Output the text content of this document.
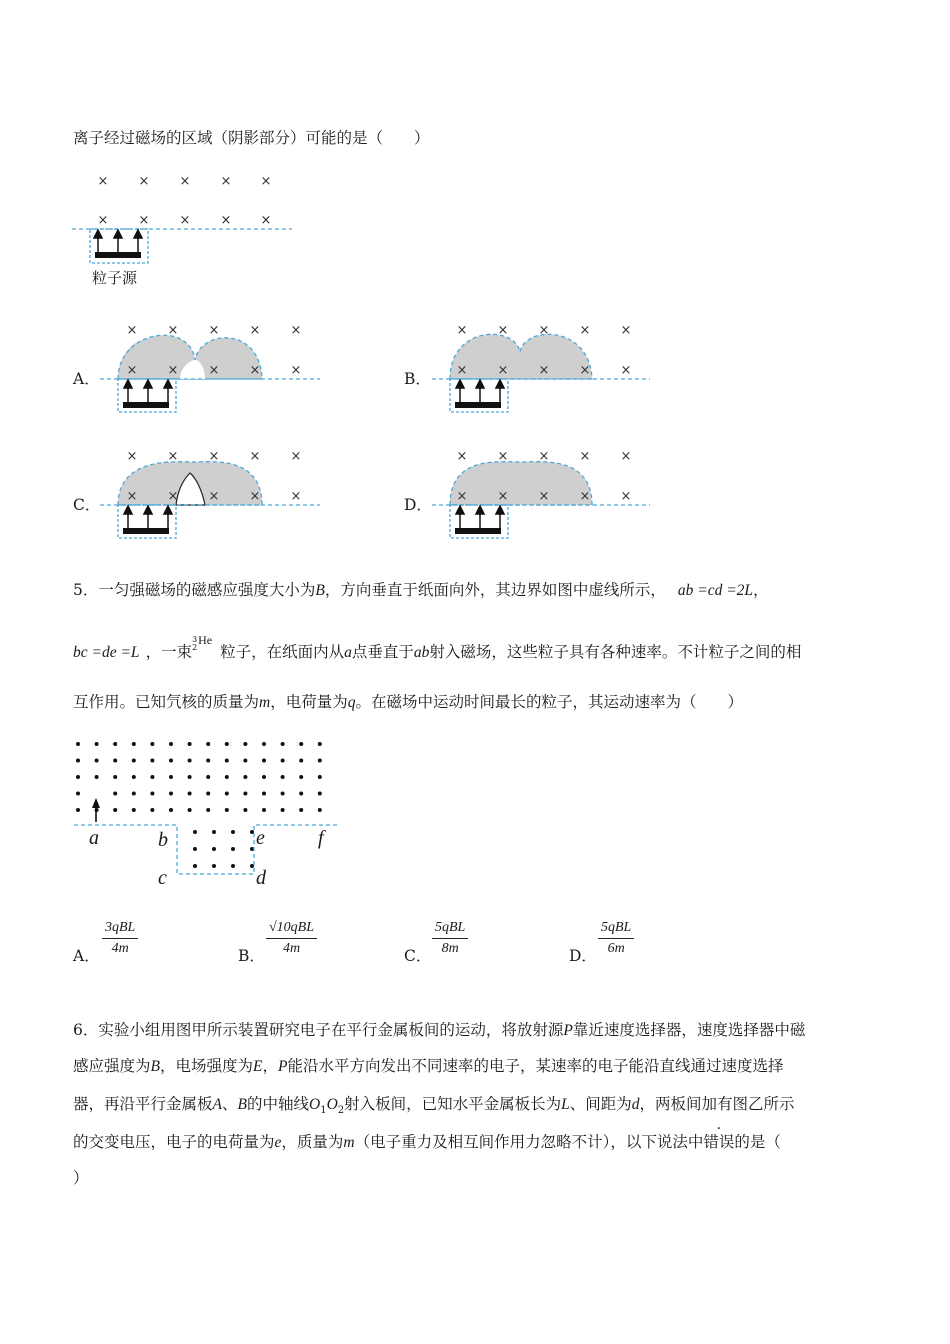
离子经过磁场的区域（阴影部分）可能的是（　　）
× × × × ×
× × × × ×
× × × × ×
× × × × ×
× × × × ×
× × × × ×
× × × × ×
× × × × ×
× × × × ×
× × × × ×
粒子源
A．	B．
C．	D．
5．一匀强磁场的磁感应强度大小为B，方向垂直于纸面向外，其边界如图中虚线所示， ab =cd =2L，
bc =de =L ，一束
3
2
He
粒子，在纸面内从a点垂直于ab射入磁场，这些粒子具有各种速率。不计粒子之间的相
互作用。已知氕核的质量为m，电荷量为q。在磁场中运动时间最长的粒子，其运动速率为（　　）
a	b
c	d
e	f
A．
3qBL
4m	B．
√10qBL
4m	C．
5qBL
8m	D．
5qBL
6m
6．实验小组用图甲所示装置研究电子在平行金属板间的运动，将放射源P靠近速度选择器，速度选择器中磁
感应强度为B，电场强度为E，P能沿水平方向发出不同速率的电子，某速率的电子能沿直线通过速度选择
器，再沿平行金属板A、B的中轴线$O_1O_2$射入板间，已知水平金属板长为L、间距为d，两板间加有图乙所示
的交变电压，电子的电荷量为e，质量为m（电子重力及相互间作用力忽略不计），以下说法中错误的是（
）
